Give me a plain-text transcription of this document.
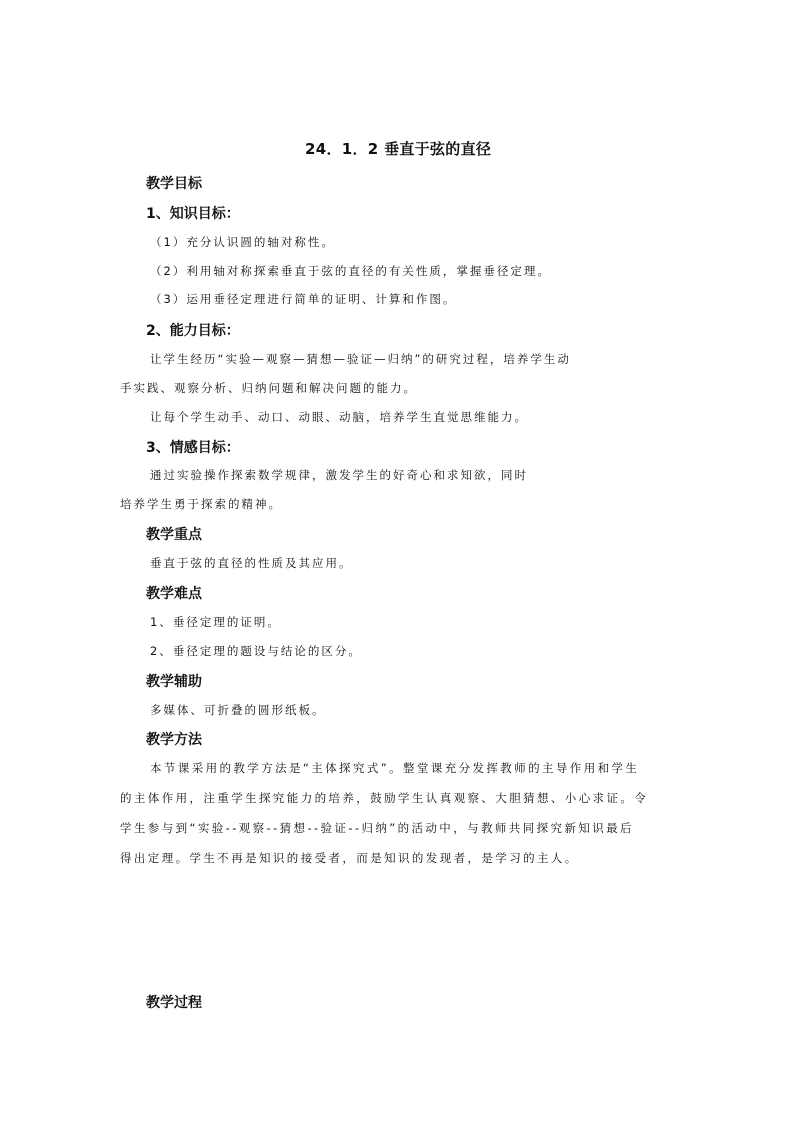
24．1．2 垂直于弦的直径
教学目标
1、知识目标：
（1）充分认识圆的轴对称性。
（2）利用轴对称探索垂直于弦的直径的有关性质，掌握垂径定理。
（3）运用垂径定理进行简单的证明、计算和作图。
2、能力目标：
让学生经历“实验—观察—猜想—验证—归纳”的研究过程，培养学生动
手实践、观察分析、归纳问题和解决问题的能力。
让每个学生动手、动口、动眼、动脑，培养学生直觉思维能力。
3、情感目标：
通过实验操作探索数学规律，激发学生的好奇心和求知欲，同时
培养学生勇于探索的精神。
教学重点
垂直于弦的直径的性质及其应用。
教学难点
1、垂径定理的证明。
2、垂径定理的题设与结论的区分。
教学辅助
多媒体、可折叠的圆形纸板。
教学方法
本节课采用的教学方法是“主体探究式”。整堂课充分发挥教师的主导作用和学生
的主体作用，注重学生探究能力的培养，鼓励学生认真观察、大胆猜想、小心求证。令
学生参与到“实验--观察--猜想--验证--归纳”的活动中，与教师共同探究新知识最后
得出定理。学生不再是知识的接受者，而是知识的发现者，是学习的主人。
教学过程
